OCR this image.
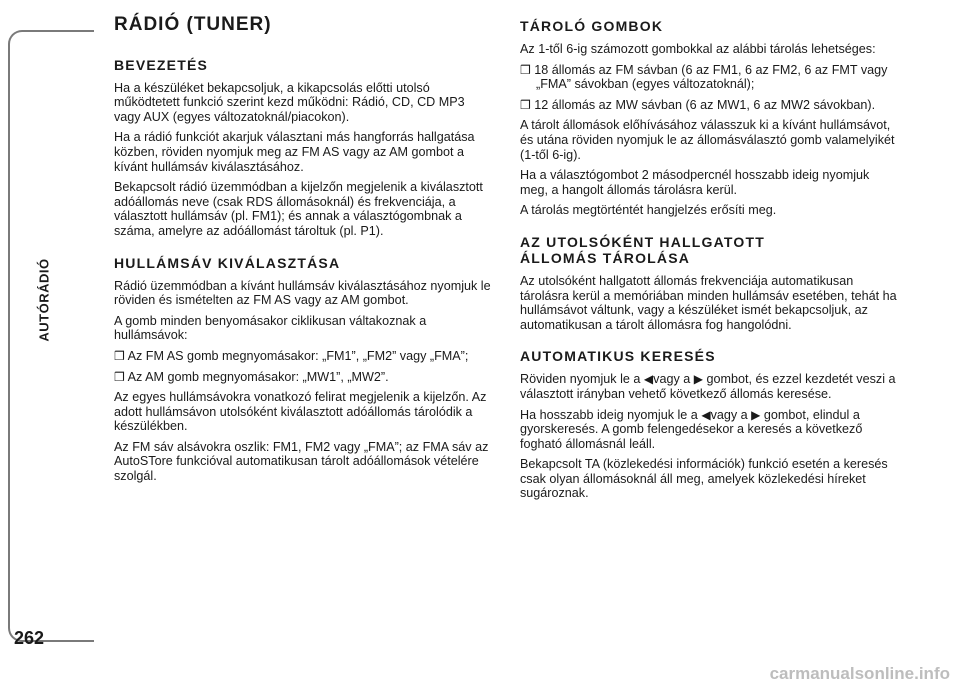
AUTÓRÁDIÓ
262
RÁDIÓ (TUNER)
BEVEZETÉS

Ha a készüléket bekapcsoljuk, a kikapcsolás előtti utolsó működtetett funkció szerint kezd működni: Rádió, CD, CD MP3 vagy AUX (egyes változatoknál/piacokon).

Ha a rádió funkciót akarjuk választani más hangforrás hallgatása közben, röviden nyomjuk meg az FM AS vagy az AM gombot a kívánt hullámsáv kiválasztásához.

Bekapcsolt rádió üzemmódban a kijelzőn megjelenik a kiválasztott adóállomás neve (csak RDS állomásoknál) és frekvenciája, a választott hullámsáv (pl. FM1); és annak a választógombnak a száma, amelyre az adóállomást tároltuk (pl. P1).

HULLÁMSÁV KIVÁLASZTÁSA

Rádió üzemmódban a kívánt hullámsáv kiválasztásához nyomjuk le röviden és ismételten az FM AS vagy az AM gombot.

A gomb minden benyomásakor ciklikusan váltakoznak a hullámsávok:

❒ Az FM AS gomb megnyomásakor: „FM1”, „FM2” vagy „FMA”;
❒ Az AM gomb megnyomásakor: „MW1”, „MW2”.

Az egyes hullámsávokra vonatkozó felirat megjelenik a kijelzőn. Az adott hullámsávon utolsóként kiválasztott adóállomás tárolódik a készülékben.

Az FM sáv alsávokra oszlik: FM1, FM2 vagy „FMA”; az FMA sáv az AutoSTore funkcióval automatikusan tárolt adóállomások vételére szolgál.

TÁROLÓ GOMBOK

Az 1-től 6-ig számozott gombokkal az alábbi tárolás lehetséges:

❒ 18 állomás az FM sávban (6 az FM1, 6 az FM2, 6 az FMT vagy „FMA” sávokban (egyes változatoknál);
❒ 12 állomás az MW sávban (6 az MW1, 6 az MW2 sávokban).

A tárolt állomások előhívásához válasszuk ki a kívánt hullámsávot, és utána röviden nyomjuk le az állomásválasztó gomb valamelyikét (1-től 6-ig).

Ha a választógombot 2 másodpercnél hosszabb ideig nyomjuk meg, a hangolt állomás tárolásra kerül.

A tárolás megtörténtét hangjelzés erősíti meg.

AZ UTOLSÓKÉNT HALLGATOTT
ÁLLOMÁS TÁROLÁSA

Az utolsóként hallgatott állomás frekvenciája automatikusan tárolásra kerül a memóriában minden hullámsáv esetében, tehát ha hullámsávot váltunk, vagy a készüléket ismét bekapcsoljuk, az automatikusan a tárolt állomásra fog hangolódni.

AUTOMATIKUS KERESÉS

Röviden nyomjuk le a ◀vagy a ▶ gombot, és ezzel kezdetét veszi a választott irányban vehető következő állomás keresése.

Ha hosszabb ideig nyomjuk le a ◀vagy a ▶ gombot, elindul a gyorskeresés. A gomb felengedésekor a keresés a következő fogható állomásnál leáll.

Bekapcsolt TA (közlekedési információk) funkció esetén a keresés csak olyan állomásoknál áll meg, amelyek közlekedési híreket sugároznak.

carmanualsonline.info
